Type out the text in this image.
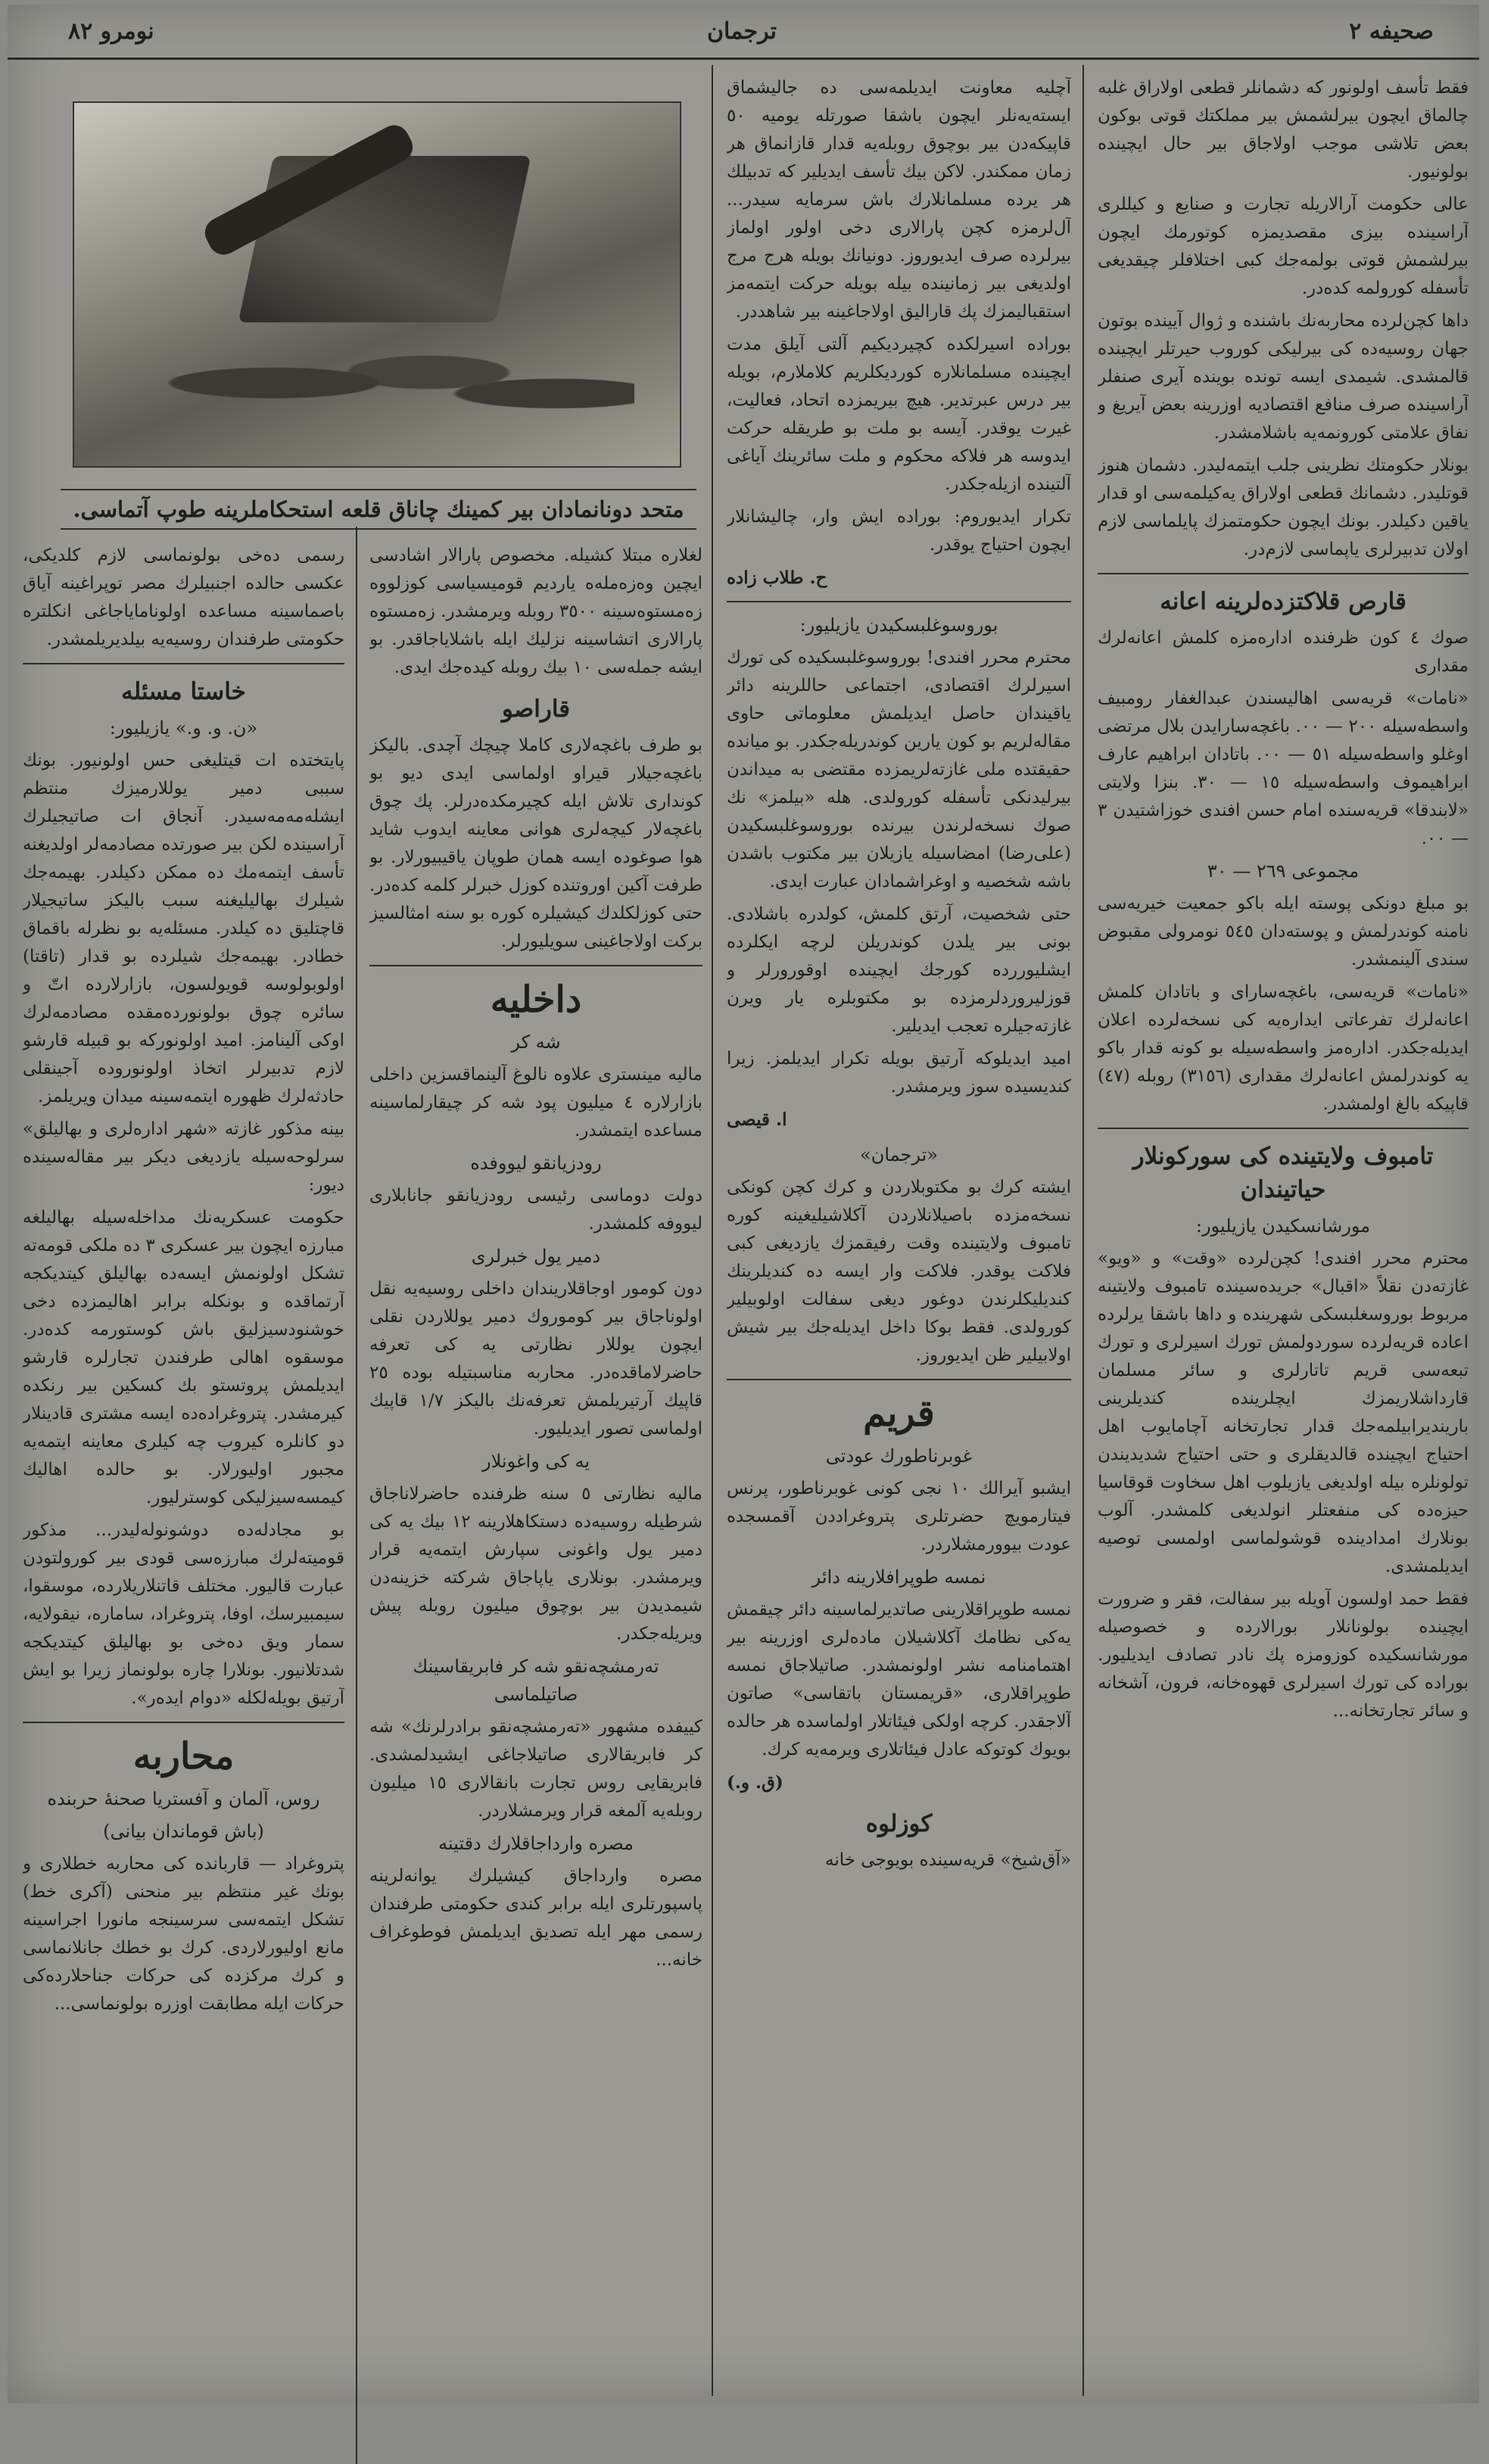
نومرو ٨٢	ترجمان	صحیفه ٢
متحد دونانمادان بیر کمینك چاناق قلعه استحکاملرینه طوپ آتماسی.

فقط تأسف اولونور که دشمانلر قطعی اولاراق غلبه چالماق ایچون بیرلشمش بیر مملکتك قوتی بوکون بعض تلاشی موجب اولاجاق بیر حال ایچینده بولونیور.

عالی حکومت آرالاریله تجارت و صنایع و کیللری آراسینده بیزی مقصدیمزه کوتورمك ایچون بیرلشمش قوتی بولمه‌جك کبی اختلافلر چیقدیغی تأسفله کورولمه کده‌در.

داها کچن‌لرده محاربه‌نك باشنده و ژوال آیینده بوتون جهان روسیه‌ده کی بیرلیکی کوروب حیرتلر ایچینده قالمشدی. شیمدی ایسه تونده بوینده آیری صنفلر آراسینده صرف منافع اقتصادیه اوزرینه بعض آیریغ و نفاق علامتی کورونمه‌یه باشلامشدر.

بونلار حکومتك نظرینی جلب ایتمه‌لیدر. دشمان هنوز قوتلیدر. دشمانك قطعی اولاراق یه‌کیلمه‌سی او قدار یاقین دکیلدر. بونك ایچون حکومتمزك پایلماسی لازم اولان تدبیرلری یاپماسی لازم‌در.

قارص قلاکتزده‌لرینه اعانه

صوك ٤ کون ظرفنده اداره‌مزه کلمش اعانه‌لرك مقداری

«نامات» قریه‌سی اهالیسندن عبدالغفار رومبیف واسطه‌سیله ٢٠٠ — ٠٠. باغچه‌سارایدن بلال مرتضی اوغلو واسطه‌سیله ٥١ — ٠٠. باتادان ابراهیم عارف ابراهیموف واسطه‌سیله ١٥ — ٣٠. بنزا ولایتی «لابندقا» قریه‌سنده امام حسن افندی خوزاشتیدن ٣ — ٠٠.

مجموعی ٢٦٩ — ٣٠

بو مبلغ دونکی پوسته ایله باکو جمعیت خیریه‌سی نامنه کوندرلمش و پوسته‌دان ٥٤٥ نومرولی مقبوض سندی آلینمشدر.

«نامات» قریه‌سی، باغچه‌سارای و باتادان کلمش اعانه‌لرك تفرعاتی ایداره‌یه کی نسخه‌لرده اعلان ایدیله‌جکدر. اداره‌مز واسطه‌سیله بو کونه قدار باکو یه کوندرلمش اعانه‌لرك مقداری (٣١٥٦) روبله (٤٧) قاپیکه بالغ اولمشدر.

تامبوف ولایتینده کی سورکونلار حیاتیندان
مورشانسکیدن یازیلیور:

محترم محرر افندی! کچن‌لرده «وقت» و «ویو» غازته‌دن نقلاً «اقبال» جریده‌سینده تامبوف ولایتینه مربوط بوروسغلبسکی شهرینده و داها باشقا یرلرده اعاده قریه‌لرده سوردولمش تورك اسیرلری و تورك تبعه‌سی قریم تاتارلری و سائر مسلمان قارداشلاریمزك ایچلرینده کندیلرینی باریندیرابیلمه‌جك قدار تجارتخانه آچامایوب اهل احتیاج ایچینده قالدیقلری و حتی احتیاج شدیدیندن تولونلره بیله اولدیغی یازیلوب اهل سخاوت قوقاسیا حیزه‌ده کی منفعتلر انولدیغی کلمشدر. آلوب بونلارك امدادینده قوشولماسی اولمسی توصیه ایدیلمشدی.

فقط حمد اولسون آویله بیر سفالت، فقر و ضرورت ایچینده بولونانلار بورالارده و خصوصیله مورشانسکیده کوزومزه پك نادر تصادف ایدیلیور. بوراده کی تورك اسیرلری قهوه‌خانه، فرون، آشخانه و سائر تجارتخانه...

آچلیه معاونت ایدیلمه‌سی ده جالیشماق ایسته‌یه‌نلر ایچون باشقا صورتله یومیه ٥٠ قاپیکه‌دن بیر بوچوق روبله‌یه قدار قازانماق هر زمان ممکندر. لاکن بیك تأسف ایدیلیر که تدبیلك هر یرده مسلمانلارك باش سرمایه سیدر... آل‌لرمزه کچن پارالاری دخی اولور اولماز بیرلرده صرف ایدیوروز. دونیانك بویله هرج مرج اولدیغی بیر زمانینده بیله بویله حرکت ایتمه‌مز استقبالیمزك پك قارالیق اولاجاغینه بیر شاهددر.

بوراده اسیرلکده کچیردیکیم آلتی آیلق مدت ایچینده مسلمانلاره کوردیکلریم کلاملارم، بویله بیر درس عبرتدیر. هیچ بیریمزده اتحاد، فعالیت، غیرت یوقدر. آیسه بو ملت بو طریقله حرکت ایدوسه هر فلاکه محکوم و ملت سائرینك آیاغی آلتینده ازیله‌جکدر.

تکرار ایدیوروم: بوراده ایش وار، چالیشانلار ایچون احتیاج یوقدر.

ح. طلاب زاده
بوروسوغلبسکیدن یازیلیور:

محترم محرر افندی! بوروسوغلبسکیده کی تورك اسیرلرك اقتصادی، اجتماعی حاللرینه دائر یاقیندان حاصل ایدیلمش معلوماتی حاوی مقاله‌لریم بو کون یارین کوندریله‌جکدر. بو میانده حقیقتده ملی غازته‌لریمزده مقتضی به میداندن بیرلیدنکی تأسفله کورولدی. هله «بیلمز» نك صوك نسخه‌لرندن بیرنده بوروسوغلبسکیدن (علی‌رضا) امضاسیله یازیلان بیر مکتوب باشدن باشه شخصیه و اوغراشمادان عبارت ایدی.

حتی شخصیت، آرتق کلمش، کولدره باشلادی. بونی بیر یلدن کوندریلن لرچه ایکلرده ایشلیوررده کورجك ایچینده اوقورورلر و قوزلیروردلرمزده بو مکتوبلره یار ویرن غازته‌جیلره تعجب ایدیلیر.

امید ایدیلوکه آرتیق بویله تکرار ایدیلمز. زیرا کندیسیده سوز ویرمشدر.

ا. قیصی
«ترجمان»

ایشته کرك بو مکتوبلاردن و کرك کچن کونکی نسخه‌مزده باصیلانلاردن آکلاشیلیغینه کوره تامبوف ولایتینده وقت رفیقمزك یازدیغی کبی فلاکت یوقدر. فلاکت وار ایسه ده کندیلرینك کندیلیکلرندن دوغور دیغی سفالت اولوبیلیر کورولدی. فقط بوکا داخل ایدیله‌جك بیر شیش اولابیلیر ظن ایدیوروز.

قریم
غوبرناطورك عودتی

ایشبو آیرالك ١٠ نجی کونی غوبرناطور، پرنس فیتارمویچ حضرتلری پتروغراددن آقمسجده عودت بیوورمشلاردر.

نمسه طوپرافلارینه دائر

نمسه طوپراقلارینی صاتدیرلماسینه دائر چیقمش یه‌کی نظامك آکلاشیلان ماده‌لری اوزرینه بیر اهتمامنامه نشر اولونمشدر. صاتیلاجاق نمسه طوپراقلاری، «قریمستان باتقاسی» صاتون آلاجقدر. کرچه اولکی فیئاتلار اولماسده هر حالده بویوك کوتوکه عادل فیئاتلاری ویرمه‌یه کرك.

(ق. و.)
کوزلوه

«آق‌شیخ» قریه‌سینده بویوجی خانه

لغلاره مبتلا کشیله. مخصوص پارالار اشادسی ایچین وه‌زه‌مله‌ه یاردیم قومیسیاسی کوزلووه زه‌مستوه‌سینه ٣٥٠٠ روبله ویرمشدر. زه‌مستوه پارالاری اتشاسینه نزلیك ایله باشلایاجاقدر. بو ایشه جمله‌سی ١٠ بیك روبله کیده‌جك ایدی.

قاراصو

بو طرف باغچه‌لاری کاملا چیچك آچدی. بالیکز باغچه‌جیلار قیراو اولماسی ایدی دیو بو کونداری تلاش ایله کچیرمکده‌درلر. پك چوق باغچه‌لار کیچه‌لری هوانی معاینه ایدوب شاید هوا صوغوده ایسه همان طوپان یاقیبیورلار. بو طرفت آکین اوروتنده کوزل خبرلر کلمه کده‌در. حتی کوزلکلدك کیشیلره کوره بو سنه امثالسیز برکت اولاجاغینی سویلیورلر.

داخلیه
شه کر

مالیه مینستری علاوه نالوغ آلینماقسزین داخلی بازارلاره ٤ میلیون پود شه کر چیقارلماسینه مساعده ایتمشدر.

رودزیانقو لیووفده

دولت دوماسی رئیسی رودزیانقو جانابلاری لیووفه کلمشدر.

دمیر یول خبرلری

دون کومور اوجاقلاریندان داخلی روسیه‌یه نقل اولوناجاق بیر کوموروك دمیر یوللاردن نقلی ایچون یوللار نظارتی یه کی تعرفه حاضرلاماقده‌در. محاربه مناسبتیله بوده ٢٥ قاپیك آرتیریلمش تعرفه‌نك بالیکز ١/٧ قاپیك اولماسی تصور ایدیلیور.

یه کی واغونلار

مالیه نظارتی ٥ سنه ظرفنده حاضرلاناجاق شرطیله روسیه‌ده دستکاهلارینه ١٢ بیك یه کی دمیر یول واغونی سپارش ایتمه‌یه قرار ویرمشدر. بونلاری یاپاجاق شرکته خزینه‌دن شیمدیدن بیر بوچوق میلیون روبله پیش ویریله‌جکدر.

ته‌رمشچه‌نقو شه کر فابریقاسینك صاتیلماسی

کییفده مشهور «ته‌رمشچه‌نقو برادرلرنك» شه کر فابریقالاری صاتیلاجاغی ایشیدلمشدی. فابریقایی روس تجارت بانقالاری ١٥ میلیون روبله‌یه آلمغه قرار ویرمشلاردر.

مصره وارداجاقلارك دقتینه

مصره وارداجاق کیشیلرك یوانه‌لرینه پاسپورتلری ایله برابر کندی حکومتی طرفندان رسمی مهر ایله تصدیق ایدیلمش فوطوغراف خانه...

رسمی ده‌خی بولونماسی لازم کلدیکی، عکسی حالده اجنبیلرك مصر توپراغینه آیاق باصماسینه مساعده اولونامایاجاغی انکلتره حکومتی طرفندان روسیه‌یه بیلدیریلمشدر.

خاستا مسئله
«ن. و. و.» یازیلیور:

پایتختده ات قیتلیغی حس اولونیور. بونك سببی دمیر یوللارمیزك منتظم ایشله‌مه‌مه‌سیدر. آنجاق ات صاتیجیلرك آراسینده لکن بیر صورتده مصادمه‌لر اولدیغنه تأسف ایتمه‌مك ده ممکن دکیلدر. بهیمه‌جك شیلرك بهالیلیغنه سبب بالیکز ساتیجیلار قاچتلیق ده کیلدر. مسئله‌یه بو نظرله باقماق خطادر. بهیمه‌جك شیلرده بو قدار (تاقتا) اولوبولوسه قویولسون، بازارلارده اتّ و سائره چوق بولونورده‌مقده مصادمه‌لرك اوکی آلینامز. امید اولونورکه بو قبیله قارشو لازم تدبیرلر اتخاذ اولونوروده آجینقلی حادثه‌لرك ظهوره ایتمه‌سینه میدان ویریلمز.

بینه مذکور غازته «شهر اداره‌لری و بهالیلق» سرلوحه‌سیله یازدیغی دیکر بیر مقاله‌سینده دیور:

حکومت عسکریه‌نك مداخله‌سیله بهالیلغه مبارزه ایچون بیر عسکری ٣ ده ملکی قومه‌ته تشکل اولونمش ایسه‌ده بهالیلق کیتدیکجه آرتماقده و بونکله برابر اهالیمزده دخی خوشنودسیزلیق باش کوستورمه کده‌در. موسقوه اهالی طرفندن تجارلره قارشو ایدیلمش پروتستو بك کسکین بیر رنکده کیرمشدر. پتروغراده‌ده ایسه مشتری قادینلار دو کانلره کیروب چه کیلری معاینه ایتمه‌یه مجبور اولیورلار. بو حالده اهالیك کیمسه‌سیزلیکی کوسترلیور.

بو مجادله‌ده دوشونوله‌لیدر... مذکور قومیته‌لرك مبارزه‌سی قودی بیر کورولتودن عبارت قالیور. مختلف قاتنلاریلارده، موسقوا، سیمبیرسك، اوفا، پتروغراد، ساماره، نیقولایه، سمار ویق ده‌خی بو بهالیلق کیتدیکجه شدتلانیور. بونلارا چاره بولونماز زیرا بو ایش آرتیق بویله‌لکله «دوام ایده‌ر».

محاربه
روس، آلمان و آفستریا صحنهٔ حربنده
(باش قوماندان بیانی)

پتروغراد — قاربانده کی محاربه خطلاری و بونك غیر منتظم بیر منحنی (آکری خط) تشکل ایتمه‌سی سرسینجه مانورا اجراسینه مانع اولیورلاردی. کرك بو خطك جانلانماسی و کرك مرکزده کی حرکات جناحلارده‌کی حرکات ایله مطابقت اوزره بولونماسی...
